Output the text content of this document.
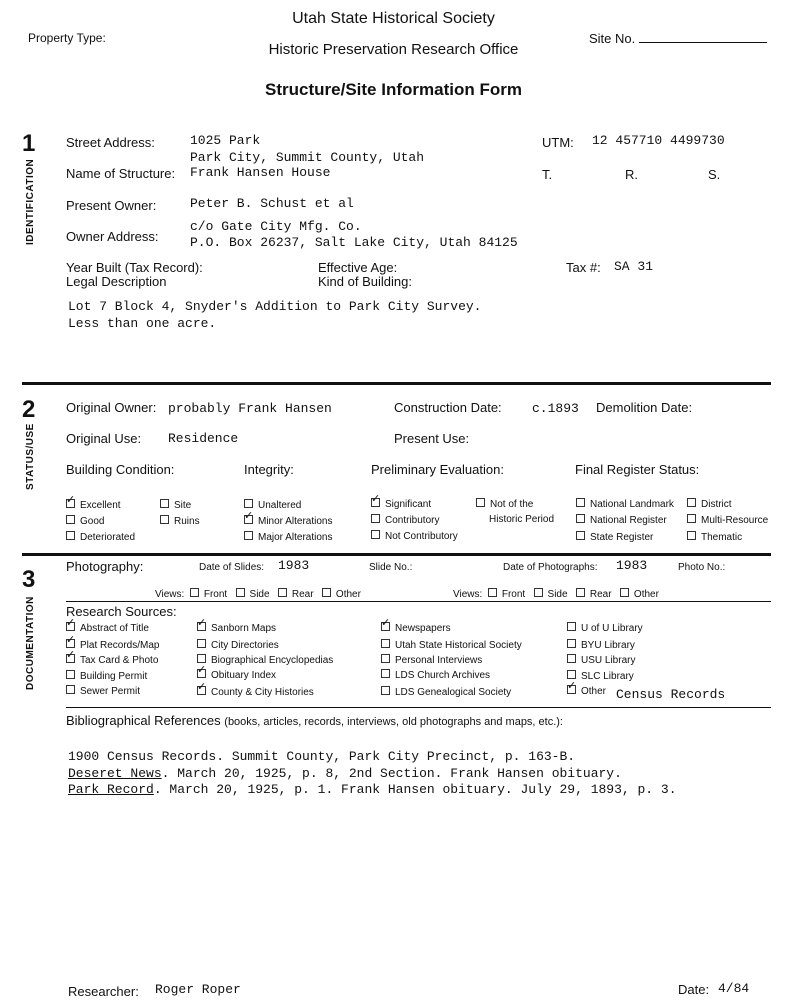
Utah State Historical Society
Historic Preservation Research Office
Structure/Site Information Form
Property Type:	Site No.
1
IDENTIFICATION
Street Address:	1025 Park
Park City, Summit County, Utah
UTM: 12 457710 4499730
Name of Structure: Frank Hansen House	T.	R.	S.
Present Owner:	Peter B. Schust et al
Owner Address:
c/o Gate City Mfg. Co.
P.O. Box 26237, Salt Lake City, Utah 84125
Year Built (Tax Record):	Effective Age:	Tax #: SA 31
Legal Description	Kind of Building:
Lot 7 Block 4, Snyder's Addition to Park City Survey.
Less than one acre.
2
STATUS/USE
Original Owner: probably Frank Hansen	Construction Date: c.1893 Demolition Date:
Original Use: Residence	Present Use:
Building Condition:	Integrity:	Preliminary Evaluation:	Final Register Status:
✓Excellent
Good
Deteriorated
Site
Ruins
Unaltered
✓Minor Alterations
Major Alterations
✓Significant
Contributory
Not Contributory
Not of the
Historic Period
National Landmark
National Register
State Register
District
Multi-Resource
Thematic
3
DOCUMENTATION
Photography:	Date of Slides: 1983	Slide No.:	Date of Photographs: 1983	Photo No.:
Views: Front Side Rear Other	Views: Front Side Rear Other
Research Sources:
✓Abstract of Title
✓Plat Records/Map
✓Tax Card & Photo
Building Permit
Sewer Permit
✓Sanborn Maps
City Directories
Biographical Encyclopedias
✓Obituary Index
✓County & City Histories
✓Newspapers
Utah State Historical Society
Personal Interviews
LDS Church Archives
LDS Genealogical Society
U of U Library
BYU Library
USU Library
SLC Library
✓Other Census Records
Bibliographical References (books, articles, records, interviews, old photographs and maps, etc.):
1900 Census Records. Summit County, Park City Precinct, p. 163-B.
Deseret News. March 20, 1925, p. 8, 2nd Section. Frank Hansen obituary.
Park Record. March 20, 1925, p. 1. Frank Hansen obituary. July 29, 1893, p. 3.
Researcher: Roger Roper	Date: 4/84
